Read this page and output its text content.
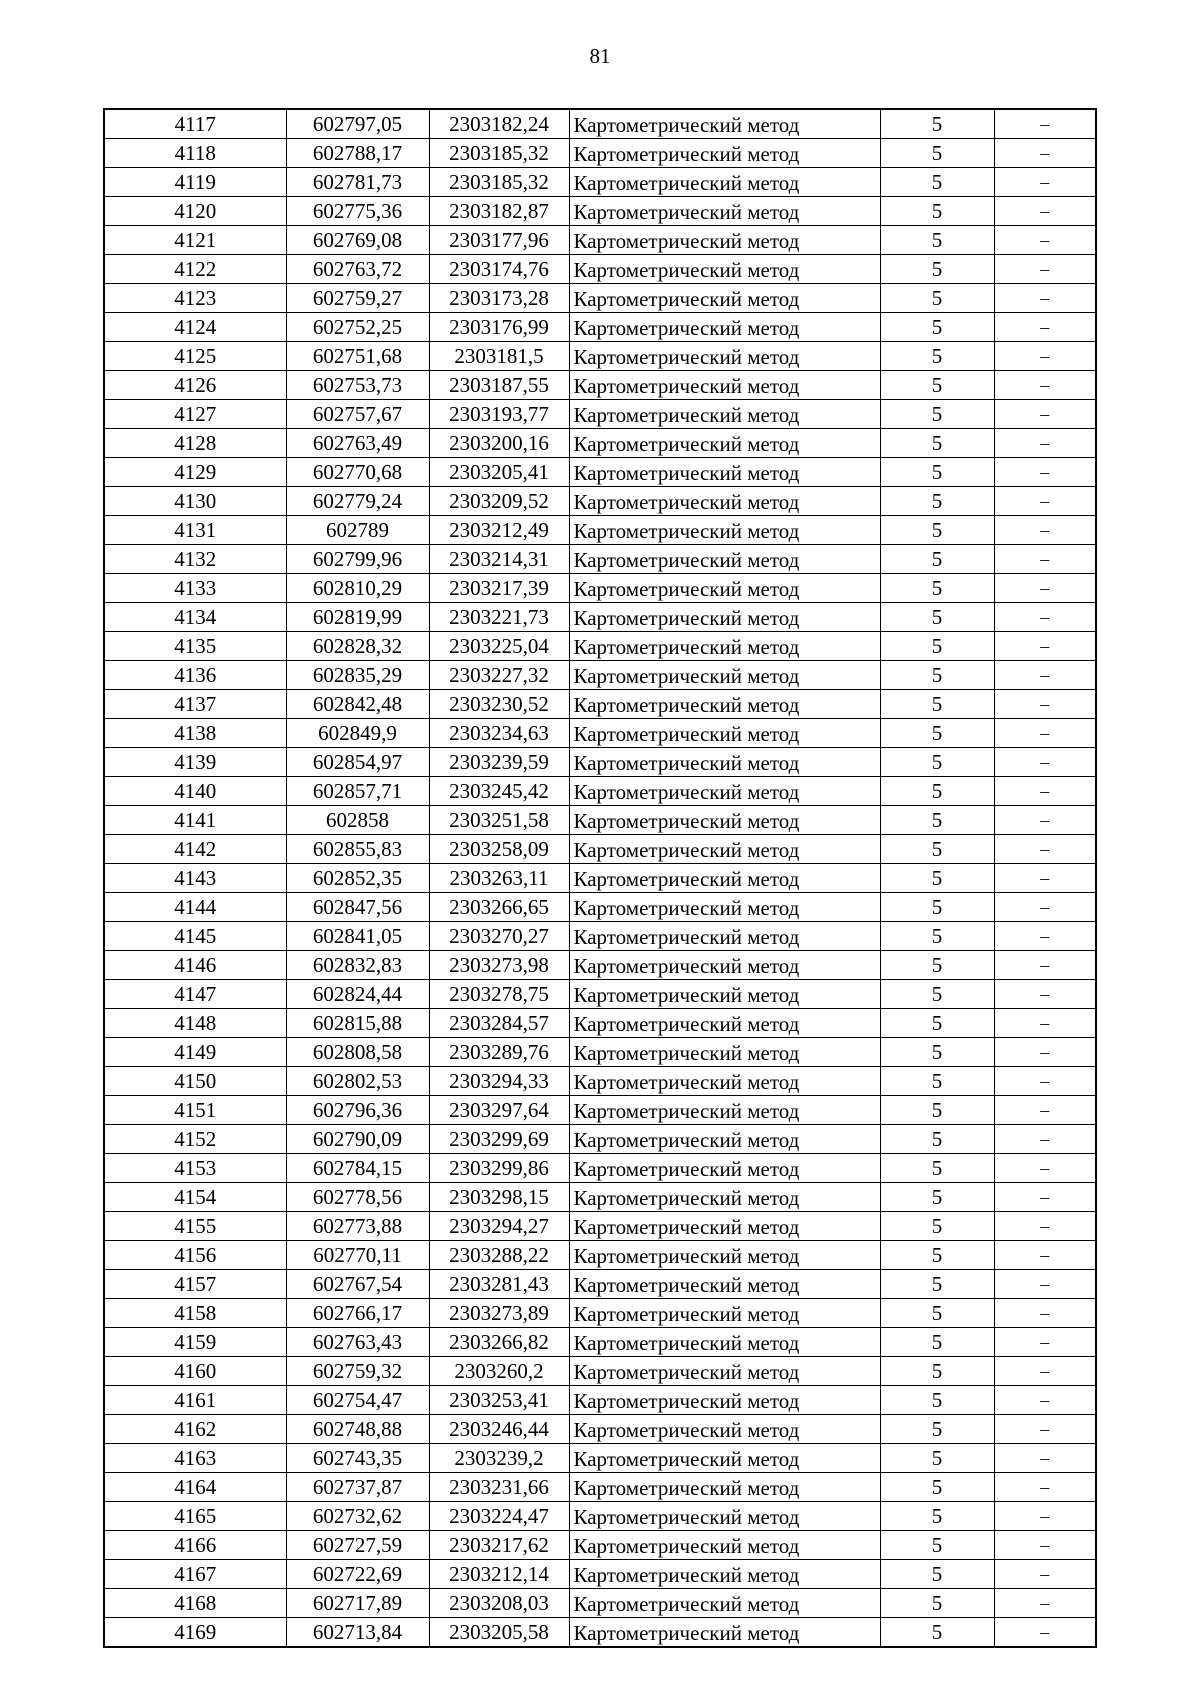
81
4117	602797,05	2303182,24	Картометрический метод	5	–
4118	602788,17	2303185,32	Картометрический метод	5	–
4119	602781,73	2303185,32	Картометрический метод	5	–
4120	602775,36	2303182,87	Картометрический метод	5	–
4121	602769,08	2303177,96	Картометрический метод	5	–
4122	602763,72	2303174,76	Картометрический метод	5	–
4123	602759,27	2303173,28	Картометрический метод	5	–
4124	602752,25	2303176,99	Картометрический метод	5	–
4125	602751,68	2303181,5	Картометрический метод	5	–
4126	602753,73	2303187,55	Картометрический метод	5	–
4127	602757,67	2303193,77	Картометрический метод	5	–
4128	602763,49	2303200,16	Картометрический метод	5	–
4129	602770,68	2303205,41	Картометрический метод	5	–
4130	602779,24	2303209,52	Картометрический метод	5	–
4131	602789	2303212,49	Картометрический метод	5	–
4132	602799,96	2303214,31	Картометрический метод	5	–
4133	602810,29	2303217,39	Картометрический метод	5	–
4134	602819,99	2303221,73	Картометрический метод	5	–
4135	602828,32	2303225,04	Картометрический метод	5	–
4136	602835,29	2303227,32	Картометрический метод	5	–
4137	602842,48	2303230,52	Картометрический метод	5	–
4138	602849,9	2303234,63	Картометрический метод	5	–
4139	602854,97	2303239,59	Картометрический метод	5	–
4140	602857,71	2303245,42	Картометрический метод	5	–
4141	602858	2303251,58	Картометрический метод	5	–
4142	602855,83	2303258,09	Картометрический метод	5	–
4143	602852,35	2303263,11	Картометрический метод	5	–
4144	602847,56	2303266,65	Картометрический метод	5	–
4145	602841,05	2303270,27	Картометрический метод	5	–
4146	602832,83	2303273,98	Картометрический метод	5	–
4147	602824,44	2303278,75	Картометрический метод	5	–
4148	602815,88	2303284,57	Картометрический метод	5	–
4149	602808,58	2303289,76	Картометрический метод	5	–
4150	602802,53	2303294,33	Картометрический метод	5	–
4151	602796,36	2303297,64	Картометрический метод	5	–
4152	602790,09	2303299,69	Картометрический метод	5	–
4153	602784,15	2303299,86	Картометрический метод	5	–
4154	602778,56	2303298,15	Картометрический метод	5	–
4155	602773,88	2303294,27	Картометрический метод	5	–
4156	602770,11	2303288,22	Картометрический метод	5	–
4157	602767,54	2303281,43	Картометрический метод	5	–
4158	602766,17	2303273,89	Картометрический метод	5	–
4159	602763,43	2303266,82	Картометрический метод	5	–
4160	602759,32	2303260,2	Картометрический метод	5	–
4161	602754,47	2303253,41	Картометрический метод	5	–
4162	602748,88	2303246,44	Картометрический метод	5	–
4163	602743,35	2303239,2	Картометрический метод	5	–
4164	602737,87	2303231,66	Картометрический метод	5	–
4165	602732,62	2303224,47	Картометрический метод	5	–
4166	602727,59	2303217,62	Картометрический метод	5	–
4167	602722,69	2303212,14	Картометрический метод	5	–
4168	602717,89	2303208,03	Картометрический метод	5	–
4169	602713,84	2303205,58	Картометрический метод	5	–
